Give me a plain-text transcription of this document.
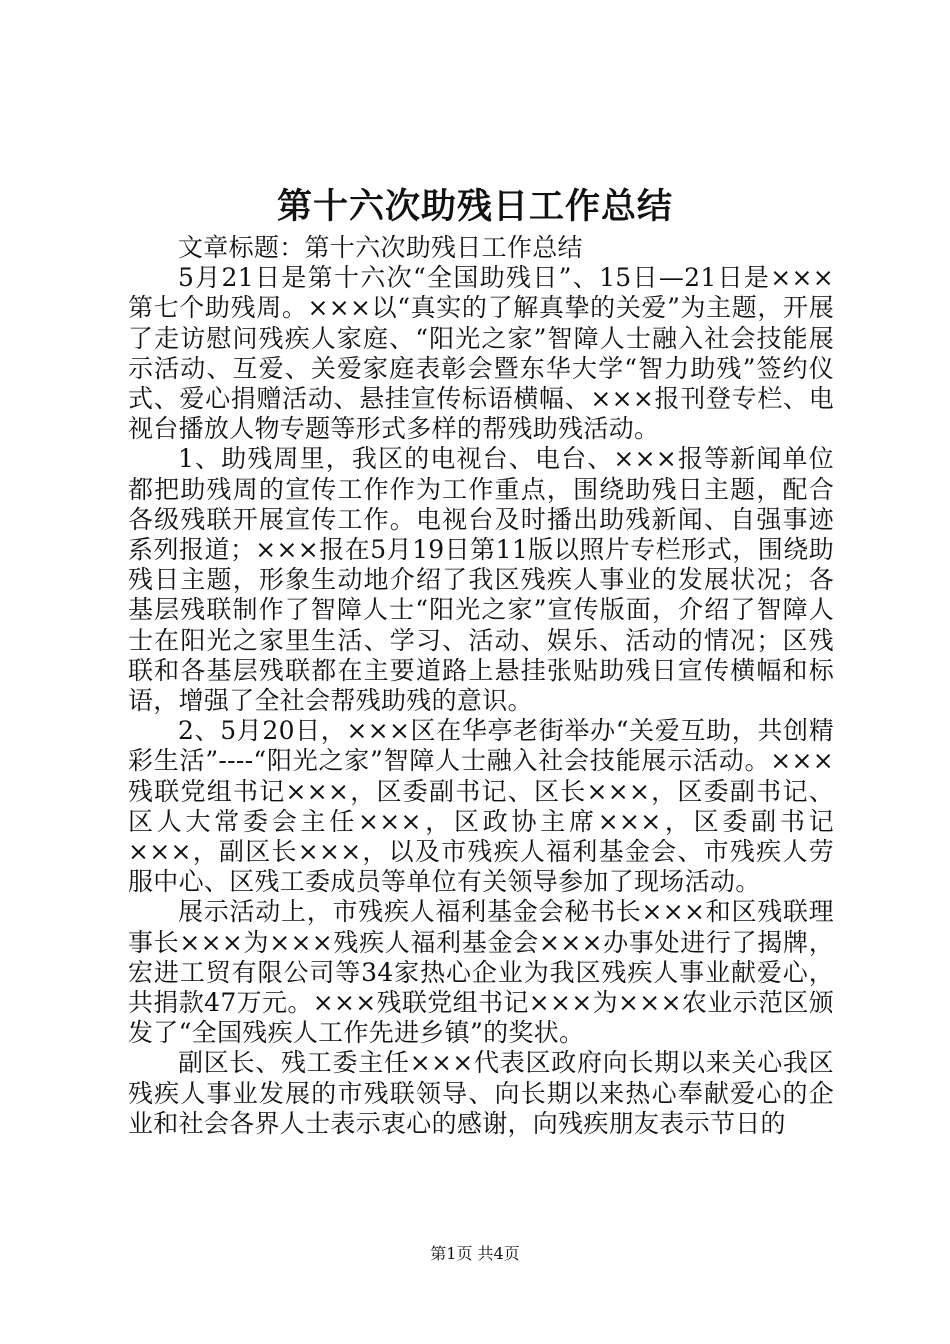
第十六次助残日工作总结

文章标题：第十六次助残日工作总结

5月21日是第十六次“全国助残日”、15日—21日是×××第七个助残周。×××以“真实的了解真挚的关爱”为主题，开展了走访慰问残疾人家庭、“阳光之家”智障人士融入社会技能展示活动、互爱、关爱家庭表彰会暨东华大学“智力助残”签约仪式、爱心捐赠活动、悬挂宣传标语横幅、×××报刊登专栏、电视台播放人物专题等形式多样的帮残助残活动。

1、助残周里，我区的电视台、电台、×××报等新闻单位都把助残周的宣传工作作为工作重点，围绕助残日主题，配合各级残联开展宣传工作。电视台及时播出助残新闻、自强事迹系列报道；×××报在5月19日第11版以照片专栏形式，围绕助残日主题，形象生动地介绍了我区残疾人事业的发展状况；各基层残联制作了智障人士“阳光之家”宣传版面，介绍了智障人士在阳光之家里生活、学习、活动、娱乐、活动的情况；区残联和各基层残联都在主要道路上悬挂张贴助残日宣传横幅和标语，增强了全社会帮残助残的意识。

2、5月20日，×××区在华亭老街举办“关爱互助，共创精彩生活”----“阳光之家”智障人士融入社会技能展示活动。×××残联党组书记×××，区委副书记、区长×××，区委副书记、区人大常委会主任×××，区政协主席×××，区委副书记×××，副区长×××，以及市残疾人福利基金会、市残疾人劳服中心、区残工委成员等单位有关领导参加了现场活动。

展示活动上，市残疾人福利基金会秘书长×××和区残联理事长×××为×××残疾人福利基金会×××办事处进行了揭牌，宏进工贸有限公司等34家热心企业为我区残疾人事业献爱心，共捐款47万元。×××残联党组书记×××为×××农业示范区颁发了“全国残疾人工作先进乡镇”的奖状。

副区长、残工委主任×××代表区政府向长期以来关心我区残疾人事业发展的市残联领导、向长期以来热心奉献爱心的企业和社会各界人士表示衷心的感谢，向残疾朋友表示节日的

第1页 共4页
